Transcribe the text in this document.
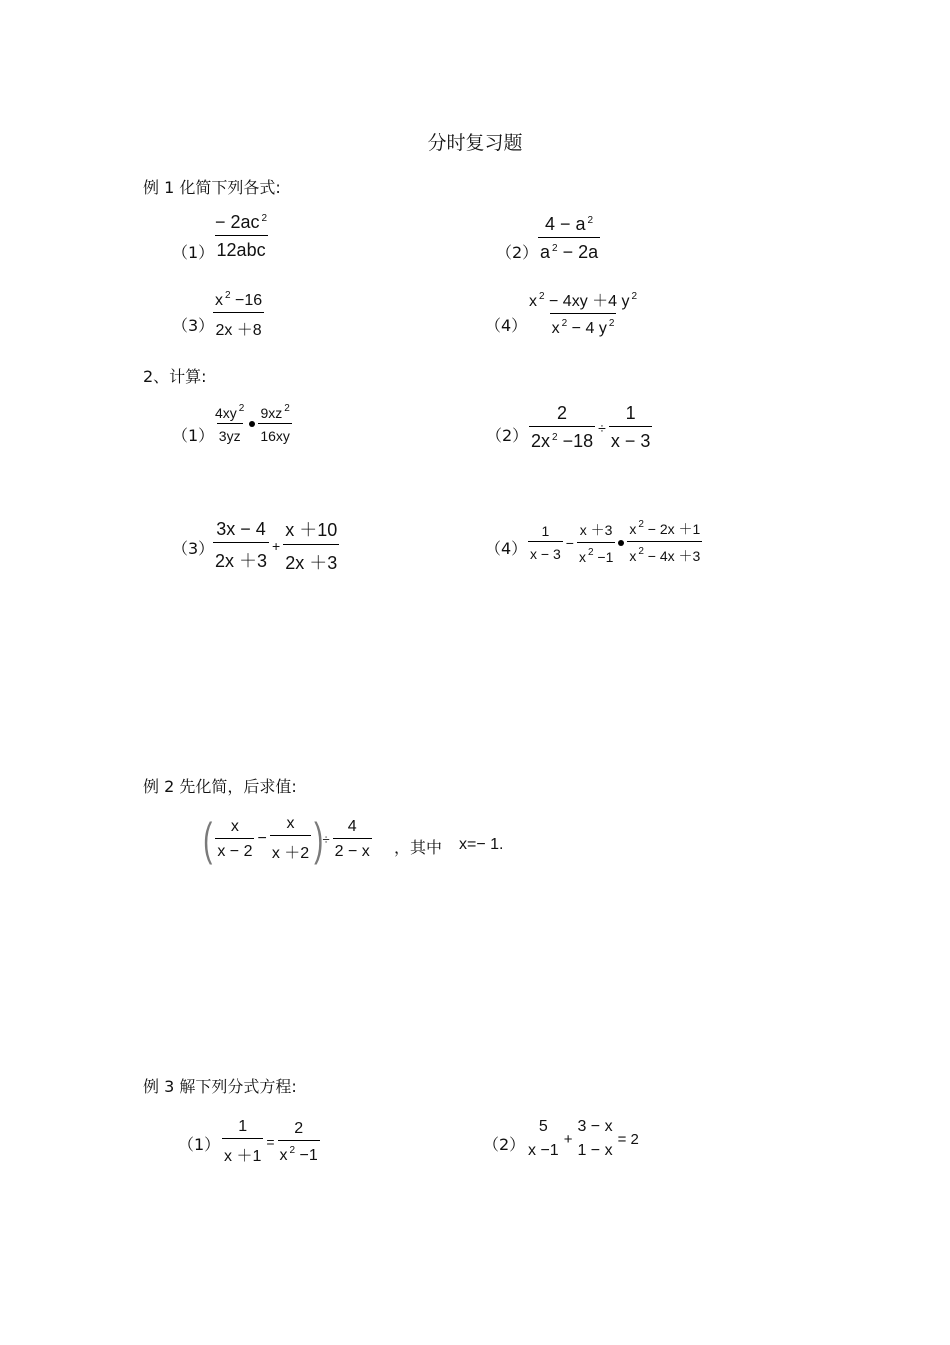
分时复习题
例 1 化简下列各式:
（1）
$\frac{- 2ac ^2}{\text{12abc}}$	$(2) \frac{4 - a ^2}{a ^2 - 2a}$
（3）
$\frac{x ^2 -16}{2x +8}$	$(4) \frac{x ^2 - 4xy +4 y ^2}{x ^2 - 4 y ^2}$
2、计算:
（1）
$\frac{4xy ^2}{3yz} \frac{9xz ^2}{16xy}$	$(2) \frac{2}{2x ^2 -18} \div \frac{1}{x - 3}$
（3）
$\frac{3x - 4}{2x +3} + \frac{x +10}{2x +3}$	$(4) \frac{1}{x - 3} - \frac{x +3}{x ^2 -1} \frac{x ^2 - 2x +1}{x ^2 - 4x +3}$
例 2 先化简，后求值:
( $\frac{x}{x - 2} - \frac{x}{x +2}$ ) ÷ $\frac{4}{2 - x}$ ，其中 x=− 1.
例 3 解下列分式方程:
$(1) \frac{1}{x +1} = \frac{2}{x ^2 -1}$	（2）
5
x −1
+
3 − x
1 − x
= 2
